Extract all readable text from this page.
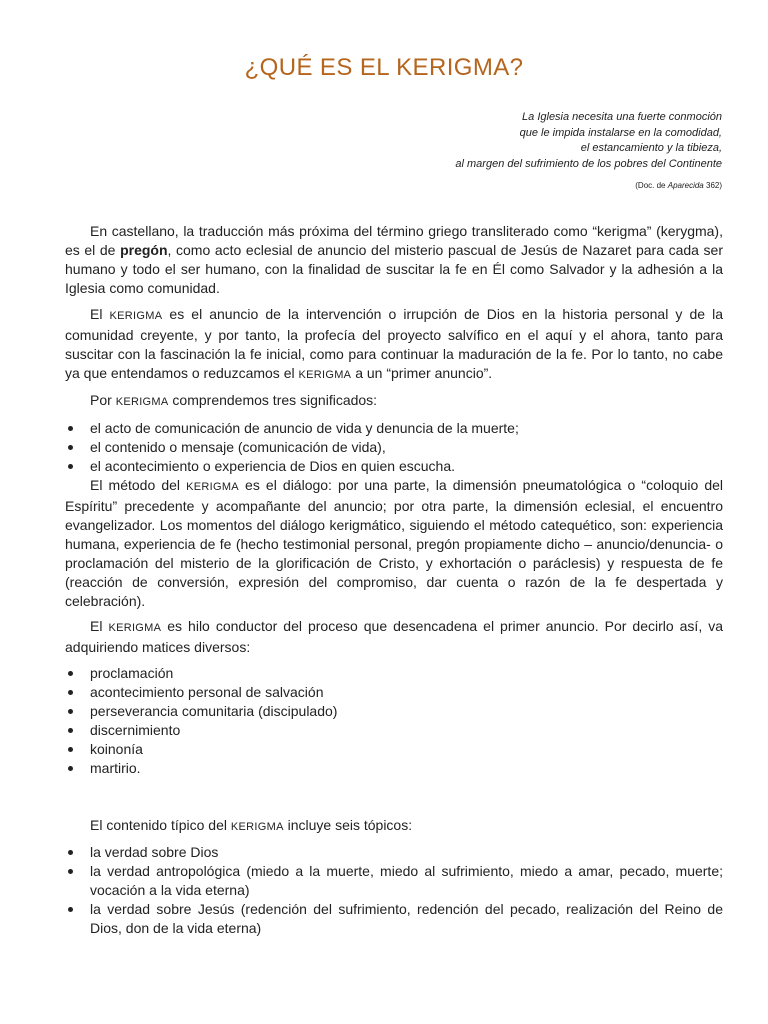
¿QUÉ ES EL KERIGMA?
La Iglesia necesita una fuerte conmoción
que le impida instalarse en la comodidad,
el estancamiento y la tibieza,
al margen del sufrimiento de los pobres del Continente
(Doc. de Aparecida 362)

En castellano, la traducción más próxima del término griego transliterado como “kerigma” (kerygma), es el de pregón, como acto eclesial de anuncio del misterio pascual de Jesús de Nazaret para cada ser humano y todo el ser humano, con la finalidad de suscitar la fe en Él como Salvador y la adhesión a la Iglesia como comunidad.

El KERIGMA es el anuncio de la intervención o irrupción de Dios en la historia personal y de la comunidad creyente, y por tanto, la profecía del proyecto salvífico en el aquí y el ahora, tanto para suscitar con la fascinación la fe inicial, como para continuar la maduración de la fe. Por lo tanto, no cabe ya que entendamos o reduzcamos el KERIGMA a un “primer anuncio”.

Por KERIGMA comprendemos tres significados:

el acto de comunicación de anuncio de vida y denuncia de la muerte;
el contenido o mensaje (comunicación de vida),
el acontecimiento o experiencia de Dios en quien escucha.

El método del KERIGMA es el diálogo: por una parte, la dimensión pneumatológica o “coloquio del Espíritu” precedente y acompañante del anuncio; por otra parte, la dimensión eclesial, el encuentro evangelizador. Los momentos del diálogo kerigmático, siguiendo el método catequético, son: experiencia humana, experiencia de fe (hecho testimonial personal, pregón propiamente dicho – anuncio/denuncia- o proclamación del misterio de la glorificación de Cristo, y exhortación o paráclesis) y respuesta de fe (reacción de conversión, expresión del compromiso, dar cuenta o razón de la fe despertada y celebración).

El KERIGMA es hilo conductor del proceso que desencadena el primer anuncio. Por decirlo así, va adquiriendo matices diversos:

proclamación
acontecimiento personal de salvación
perseverancia comunitaria (discipulado)
discernimiento
koinonía
martirio.

El contenido típico del KERIGMA incluye seis tópicos:

la verdad sobre Dios
la verdad antropológica (miedo a la muerte, miedo al sufrimiento, miedo a amar, pecado, muerte; vocación a la vida eterna)
la verdad sobre Jesús (redención del sufrimiento, redención del pecado, realización del Reino de Dios, don de la vida eterna)
